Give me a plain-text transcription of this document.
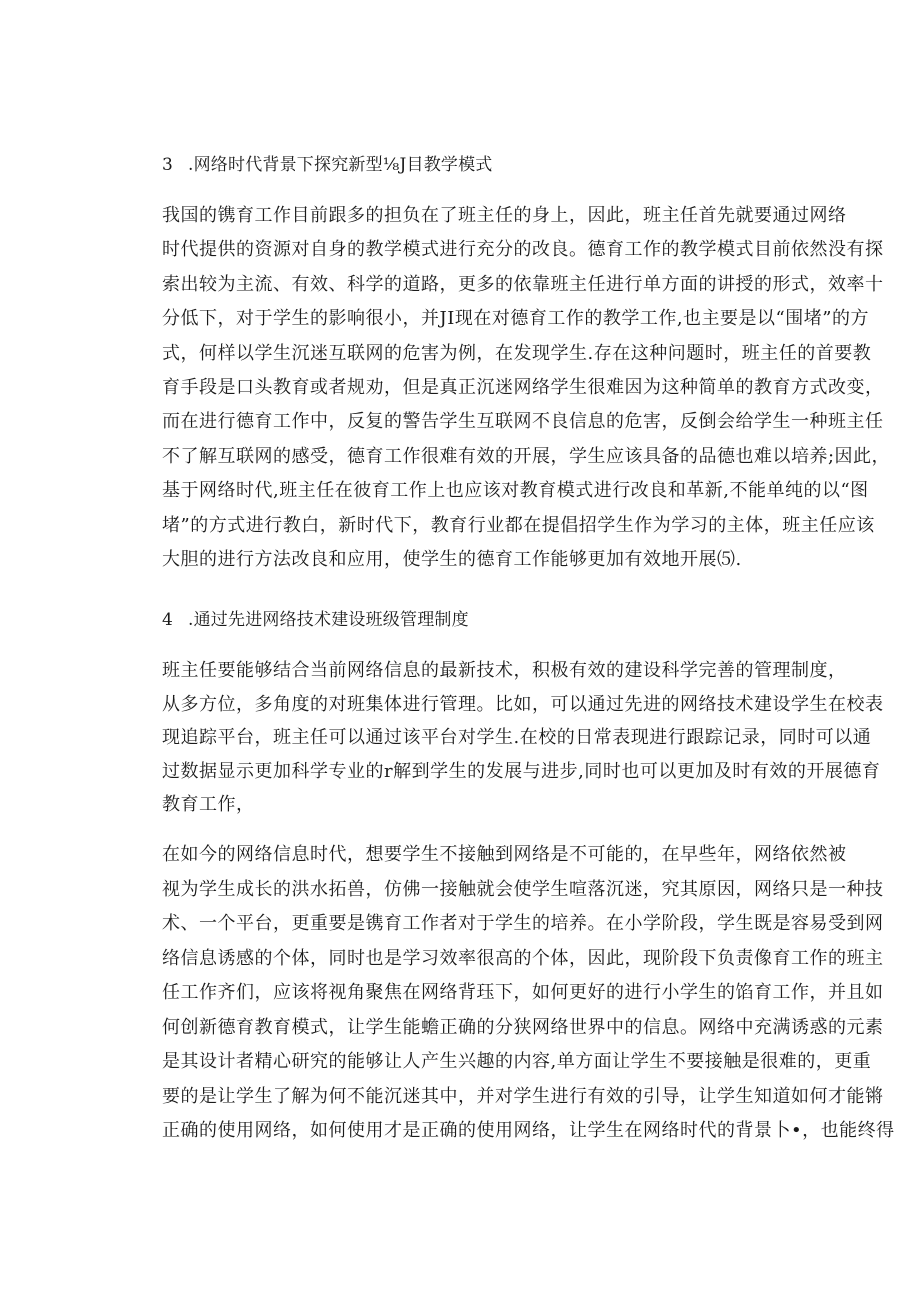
3 .网络时代背景下探究新型⅛J目教学模式
我国的镌育工作目前跟多的担负在了班主任的身上，因此，班主任首先就要通过网络
时代提供的资源对自身的教学模式进行充分的改良。德育工作的教学模式目前依然没有探
索出较为主流、有效、科学的道路，更多的依靠班主任进行单方面的讲授的形式，效率十
分低下，对于学生的影响很小，并JI现在对德育工作的教学工作,也主要是以“围堵”的方
式，何样以学生沉迷互联网的危害为例，在发现学生.存在这种问题时，班主任的首要教
育手段是口头教育或者规劝，但是真正沉迷网络学生很难因为这种简单的教育方式改变，
而在进行德育工作中，反复的警告学生互联网不良信息的危害，反倒会给学生一种班主任
不了解互联网的感受，德育工作很难有效的开展，学生应该具备的品德也难以培养;因此，
基于网络时代,班主任在彼育工作上也应该对教育模式进行改良和革新,不能单纯的以“图
堵”的方式进行教白，新时代下，教育行业都在提倡招学生作为学习的主体，班主任应该
大胆的进行方法改良和应用，使学生的德育工作能够更加有效地开展⑸.
4 .通过先进网络技术建设班级管理制度
班主任要能够结合当前网络信息的最新技术，积极有效的建设科学完善的管理制度，
从多方位，多角度的对班集体进行管理。比如，可以通过先进的网络技术建设学生在校表
现追踪平台，班主任可以通过该平台对学生.在校的日常表现进行跟踪记录，同时可以通
过数据显示更加科学专业的r解到学生的发展与进步,同时也可以更加及时有效的开展德育
教育工作，
在如今的网络信息时代，想要学生不接触到网络是不可能的，在早些年，网络依然被
视为学生成长的洪水拓兽，仿佛一接触就会使学生喧落沉迷，究其原因，网络只是一种技
术、一个平台，更重要是镌育工作者对于学生的培养。在小学阶段，学生既是容易受到网
络信息诱感的个体，同时也是学习效率很高的个体，因此，现阶段下负责像育工作的班主
任工作齐们，应该将视角聚焦在网络背珏下，如何更好的进行小学生的馅育工作，并且如
何创新德育教育模式，让学生能蟾正确的分狭网络世界中的信息。网络中充满诱惑的元素
是其设计者精心研究的能够让人产生兴趣的内容,单方面让学生不要接触是很难的，更重
要的是让学生了解为何不能沉迷其中，并对学生进行有效的引导，让学生知道如何才能锵
正确的使用网络，如何使用才是正确的使用网络，让学生在网络时代的背景卜•，也能终得
